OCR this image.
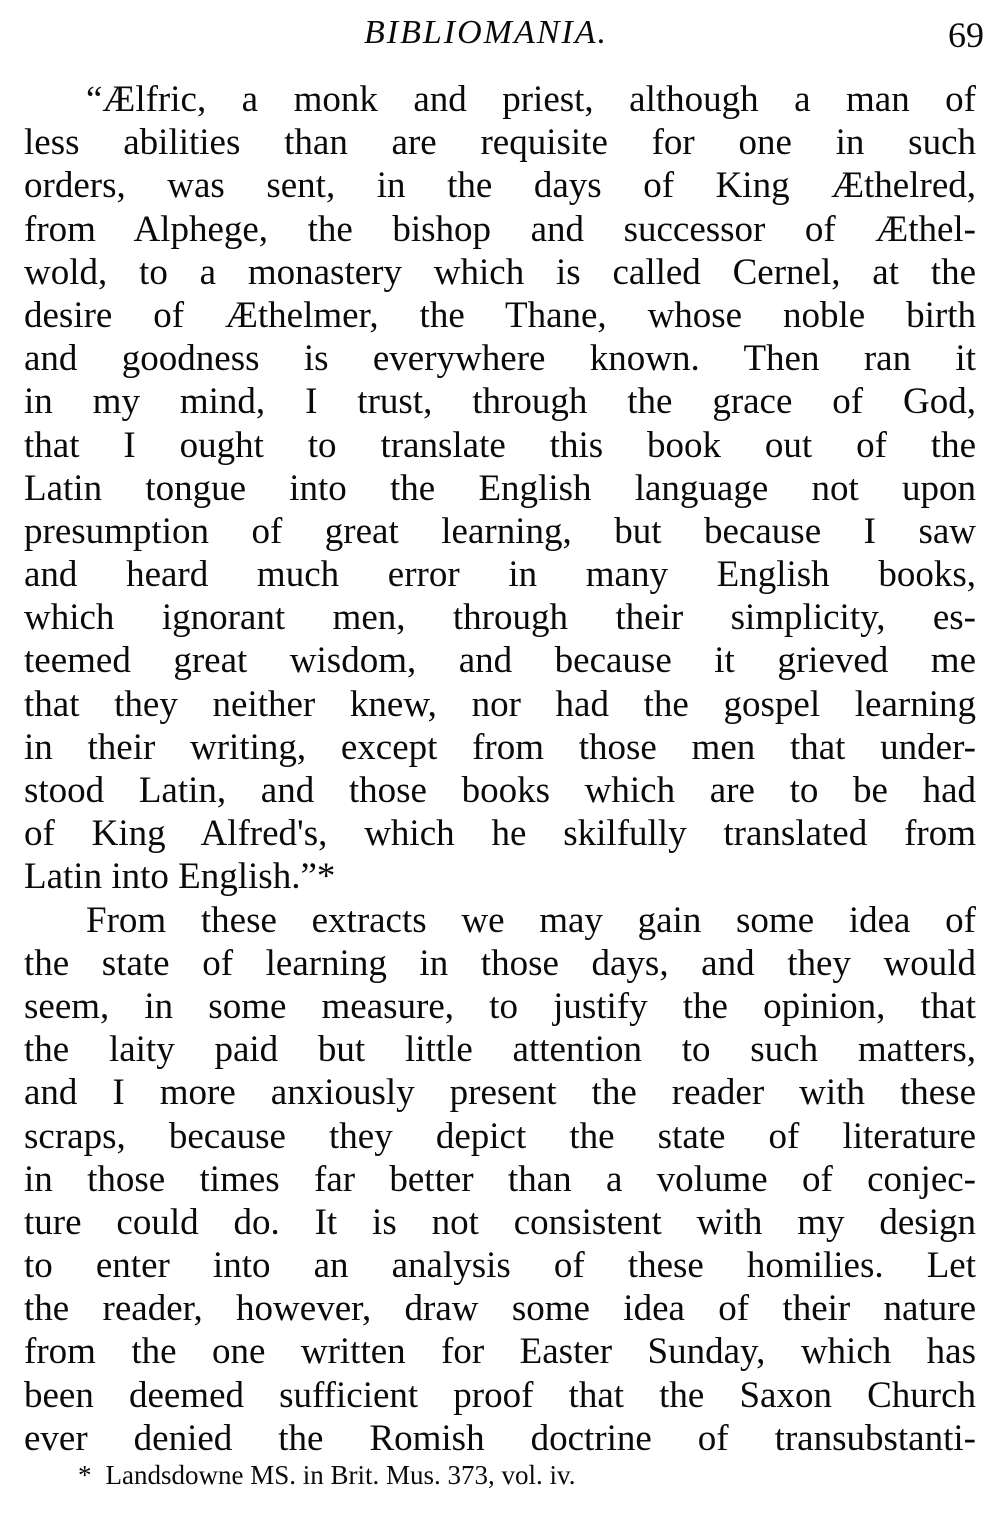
BIBLIOMANIA.	69
“Ælfric, a monk and priest, although a man of
less abilities than are requisite for one in such
orders, was sent, in the days of King Æthelred,
from Alphege, the bishop and successor of Æthel-
wold, to a monastery which is called Cernel, at the
desire of Æthelmer, the Thane, whose noble birth
and goodness is everywhere known. Then ran it
in my mind, I trust, through the grace of God,
that I ought to translate this book out of the
Latin tongue into the English language not upon
presumption of great learning, but because I saw
and heard much error in many English books,
which ignorant men, through their simplicity, es-
teemed great wisdom, and because it grieved me
that they neither knew, nor had the gospel learning
in their writing, except from those men that under-
stood Latin, and those books which are to be had
of King Alfred's, which he skilfully translated from
Latin into English.”*
From these extracts we may gain some idea of
the state of learning in those days, and they would
seem, in some measure, to justify the opinion, that
the laity paid but little attention to such matters,
and I more anxiously present the reader with these
scraps, because they depict the state of literature
in those times far better than a volume of conjec-
ture could do. It is not consistent with my design
to enter into an analysis of these homilies. Let
the reader, however, draw some idea of their nature
from the one written for Easter Sunday, which has
been deemed sufficient proof that the Saxon Church
ever denied the Romish doctrine of transubstanti-
* Landsdowne MS. in Brit. Mus. 373, vol. iv.
